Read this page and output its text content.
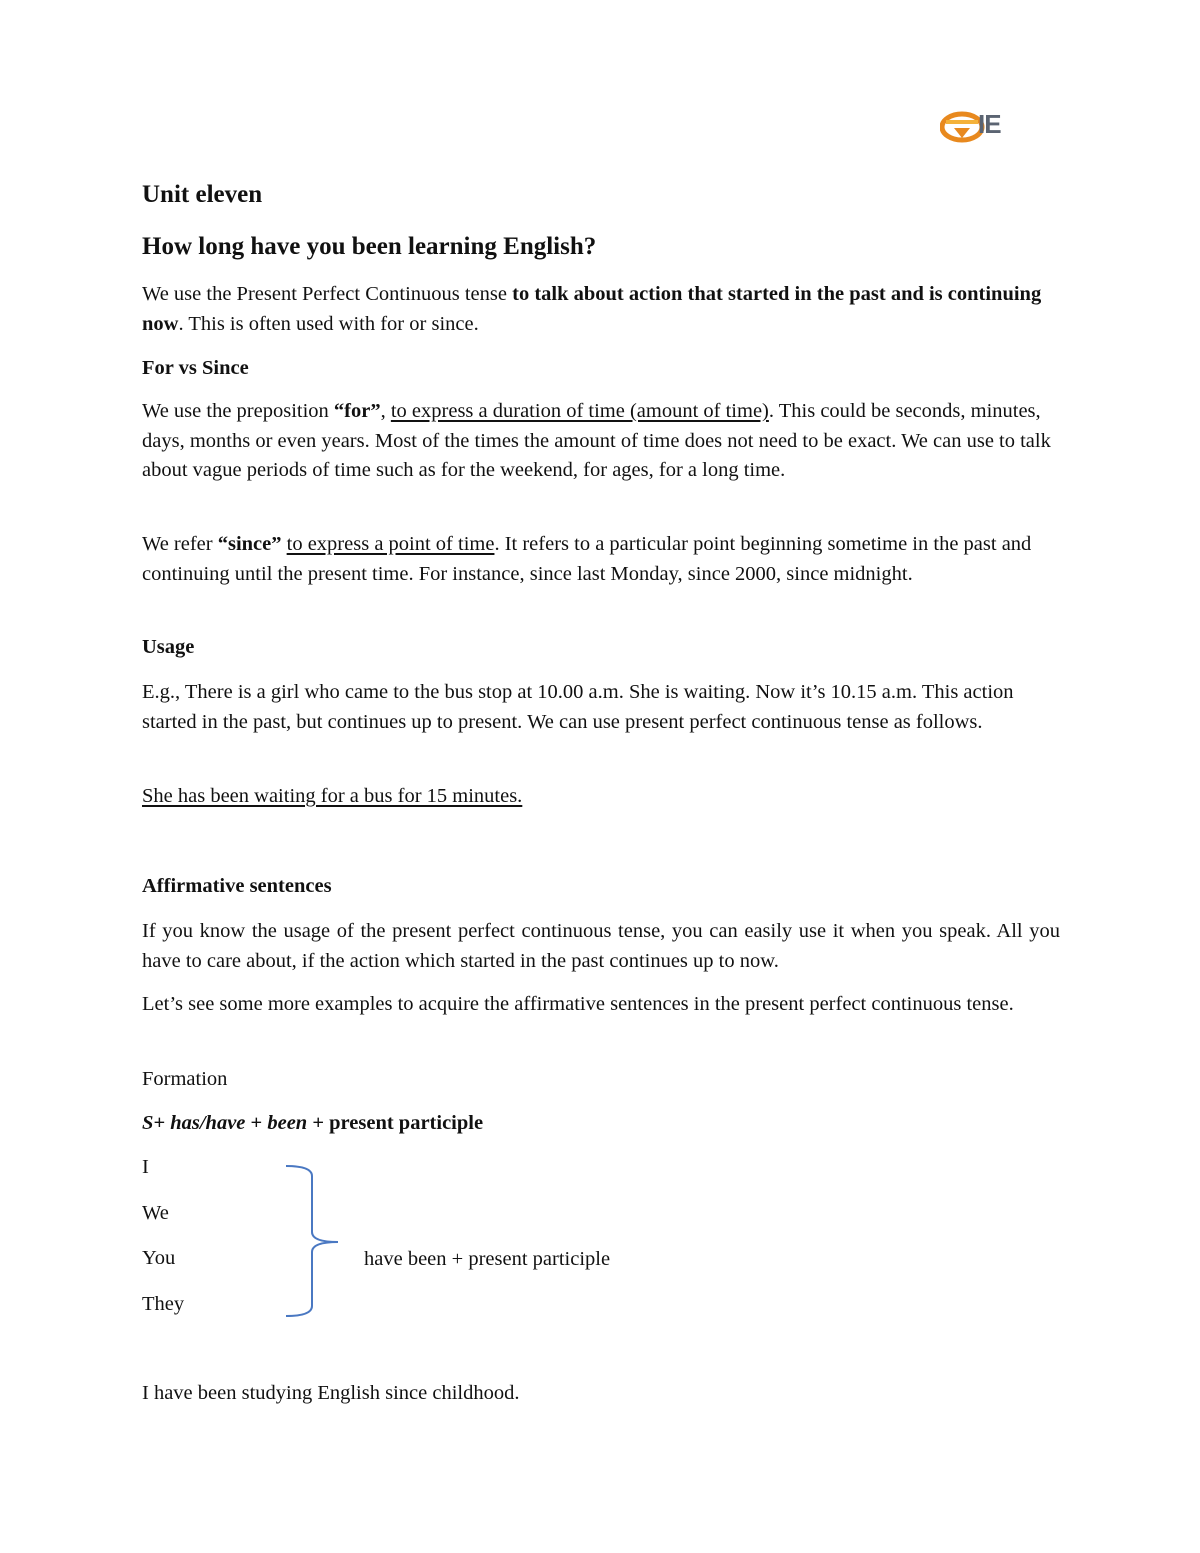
IE

Unit eleven

How long have you been learning English?

We use the Present Perfect Continuous tense to talk about action that started in the past and is continuing now. This is often used with for or since.

For vs Since

We use the preposition “for”, to express a duration of time (amount of time). This could be seconds, minutes, days, months or even years. Most of the times the amount of time does not need to be exact. We can use to talk about vague periods of time such as for the weekend, for ages, for a long time.

We refer “since” to express a point of time. It refers to a particular point beginning sometime in the past and continuing until the present time. For instance, since last Monday, since 2000, since midnight.

Usage

E.g., There is a girl who came to the bus stop at 10.00 a.m. She is waiting. Now it’s 10.15 a.m. This action started in the past, but continues up to present. We can use present perfect continuous tense as follows.

She has been waiting for a bus for 15 minutes.

Affirmative sentences

If you know the usage of the present perfect continuous tense, you can easily use it when you speak. All you have to care about, if the action which started in the past continues up to now.

Let’s see some more examples to acquire the affirmative sentences in the present perfect continuous tense.

Formation

S+ has/have + been + present participle

I

We

You

They

have been + present participle

I have been studying English since childhood.
